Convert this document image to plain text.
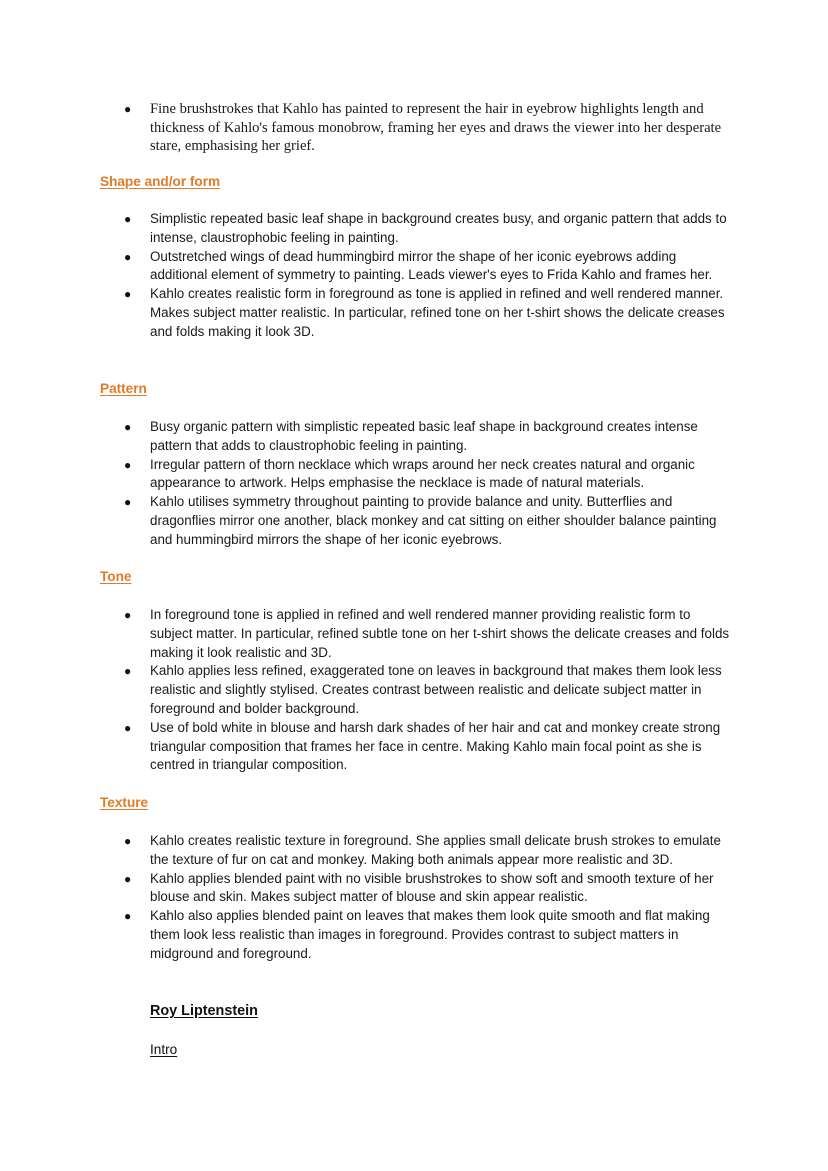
● Fine brushstrokes that Kahlo has painted to represent the hair in eyebrow highlights length and thickness of Kahlo's famous monobrow, framing her eyes and draws the viewer into her desperate stare, emphasising her grief.
Shape and/or form
● Simplistic repeated basic leaf shape in background creates busy, and organic pattern that adds to intense, claustrophobic feeling in painting.
● Outstretched wings of dead hummingbird mirror the shape of her iconic eyebrows adding additional element of symmetry to painting. Leads viewer's eyes to Frida Kahlo and frames her.
● Kahlo creates realistic form in foreground as tone is applied in refined and well rendered manner. Makes subject matter realistic. In particular, refined tone on her t-shirt shows the delicate creases and folds making it look 3D.
Pattern
● Busy organic pattern with simplistic repeated basic leaf shape in background creates intense pattern that adds to claustrophobic feeling in painting.
● Irregular pattern of thorn necklace which wraps around her neck creates natural and organic appearance to artwork. Helps emphasise the necklace is made of natural materials.
● Kahlo utilises symmetry throughout painting to provide balance and unity. Butterflies and dragonflies mirror one another, black monkey and cat sitting on either shoulder balance painting and hummingbird mirrors the shape of her iconic eyebrows.
Tone
● In foreground tone is applied in refined and well rendered manner providing realistic form to subject matter. In particular, refined subtle tone on her t-shirt shows the delicate creases and folds making it look realistic and 3D.
● Kahlo applies less refined, exaggerated tone on leaves in background that makes them look less realistic and slightly stylised. Creates contrast between realistic and delicate subject matter in foreground and bolder background.
● Use of bold white in blouse and harsh dark shades of her hair and cat and monkey create strong triangular composition that frames her face in centre. Making Kahlo main focal point as she is centred in triangular composition.
Texture
● Kahlo creates realistic texture in foreground. She applies small delicate brush strokes to emulate the texture of fur on cat and monkey. Making both animals appear more realistic and 3D.
● Kahlo applies blended paint with no visible brushstrokes to show soft and smooth texture of her blouse and skin. Makes subject matter of blouse and skin appear realistic.
● Kahlo also applies blended paint on leaves that makes them look quite smooth and flat making them look less realistic than images in foreground. Provides contrast to subject matters in midground and foreground.
Roy Liptenstein
Intro
